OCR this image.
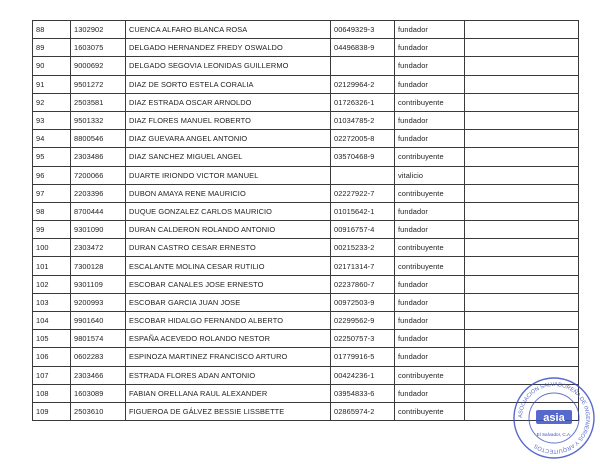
88	1302902	CUENCA ALFARO BLANCA ROSA	00649329-3	fundador	
89	1603075	DELGADO HERNANDEZ FREDY OSWALDO	04496838-9	fundador	
90	9000692	DELGADO SEGOVIA LEONIDAS GUILLERMO		fundador	
91	9501272	DIAZ DE SORTO ESTELA CORALIA	02129964-2	fundador	
92	2503581	DIAZ ESTRADA OSCAR ARNOLDO	01726326-1	contribuyente	
93	9501332	DIAZ FLORES MANUEL ROBERTO	01034785-2	fundador	
94	8800546	DIAZ GUEVARA ANGEL ANTONIO	02272005-8	fundador	
95	2303486	DIAZ SANCHEZ MIGUEL ANGEL	03570468-9	contribuyente	
96	7200066	DUARTE IRIONDO VICTOR MANUEL		vitalicio	
97	2203396	DUBON AMAYA RENE MAURICIO	02227922-7	contribuyente	
98	8700444	DUQUE GONZALEZ CARLOS MAURICIO	01015642-1	fundador	
99	9301090	DURAN CALDERON ROLANDO ANTONIO	00916757-4	fundador	
100	2303472	DURAN CASTRO CESAR ERNESTO	00215233-2	contribuyente	
101	7300128	ESCALANTE MOLINA CESAR RUTILIO	02171314-7	contribuyente	
102	9301109	ESCOBAR CANALES JOSE ERNESTO	02237860-7	fundador	
103	9200993	ESCOBAR GARCIA JUAN JOSE	00972503-9	fundador	
104	9901640	ESCOBAR HIDALGO FERNANDO ALBERTO	02299562-9	fundador	
105	9801574	ESPAÑA ACEVEDO ROLANDO NESTOR	02250757-3	fundador	
106	0602283	ESPINOZA MARTINEZ FRANCISCO ARTURO	01779916-5	fundador	
107	2303466	ESTRADA FLORES ADAN ANTONIO	00424236-1	contribuyente	
108	1603089	FABIAN ORELLANA RAUL ALEXANDER	03954833-6	fundador	
109	2503610	FIGUEROA DE GÁLVEZ BESSIE LISSBETTE	02865974-2	contribuyente	
ASOCIACION SALVADOREÑA DE INGENIEROS Y ARQUITECTOS
asia
El Salvador, C.A.
